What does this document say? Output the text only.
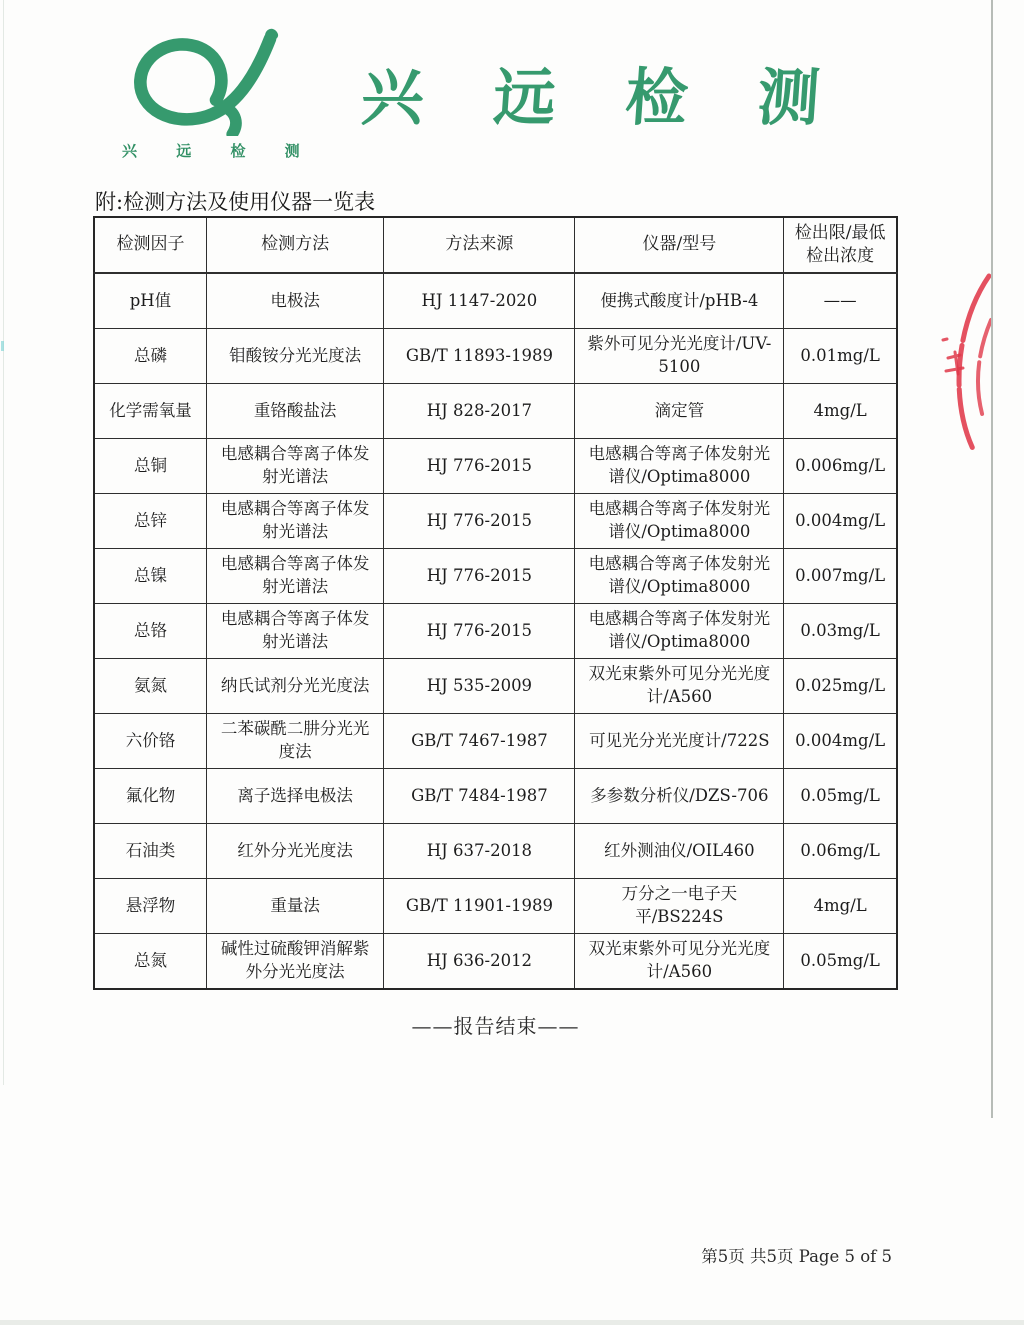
兴 远 检 测
兴远检测
附:检测方法及使用仪器一览表
检测因子	检测方法	方法来源	仪器/型号	检出限/最低检出浓度
pH值	电极法	HJ 1147-2020	便携式酸度计/pHB-4	——
总磷	钼酸铵分光光度法	GB/T 11893-1989	紫外可见分光光度计/UV-5100	0.01mg/L
化学需氧量	重铬酸盐法	HJ 828-2017	滴定管	4mg/L
总铜	电感耦合等离子体发射光谱法	HJ 776-2015	电感耦合等离子体发射光谱仪/Optima8000	0.006mg/L
总锌	电感耦合等离子体发射光谱法	HJ 776-2015	电感耦合等离子体发射光谱仪/Optima8000	0.004mg/L
总镍	电感耦合等离子体发射光谱法	HJ 776-2015	电感耦合等离子体发射光谱仪/Optima8000	0.007mg/L
总铬	电感耦合等离子体发射光谱法	HJ 776-2015	电感耦合等离子体发射光谱仪/Optima8000	0.03mg/L
氨氮	纳氏试剂分光光度法	HJ 535-2009	双光束紫外可见分光光度计/A560	0.025mg/L
六价铬	二苯碳酰二肼分光光度法	GB/T 7467-1987	可见光分光光度计/722S	0.004mg/L
氟化物	离子选择电极法	GB/T 7484-1987	多参数分析仪/DZS-706	0.05mg/L
石油类	红外分光光度法	HJ 637-2018	红外测油仪/OIL460	0.06mg/L
悬浮物	重量法	GB/T 11901-1989	万分之一电子天平/BS224S	4mg/L
总氮	碱性过硫酸钾消解紫外分光光度法	HJ 636-2012	双光束紫外可见分光光度计/A560	0.05mg/L
——报告结束——
第5页 共5页 Page 5 of 5
